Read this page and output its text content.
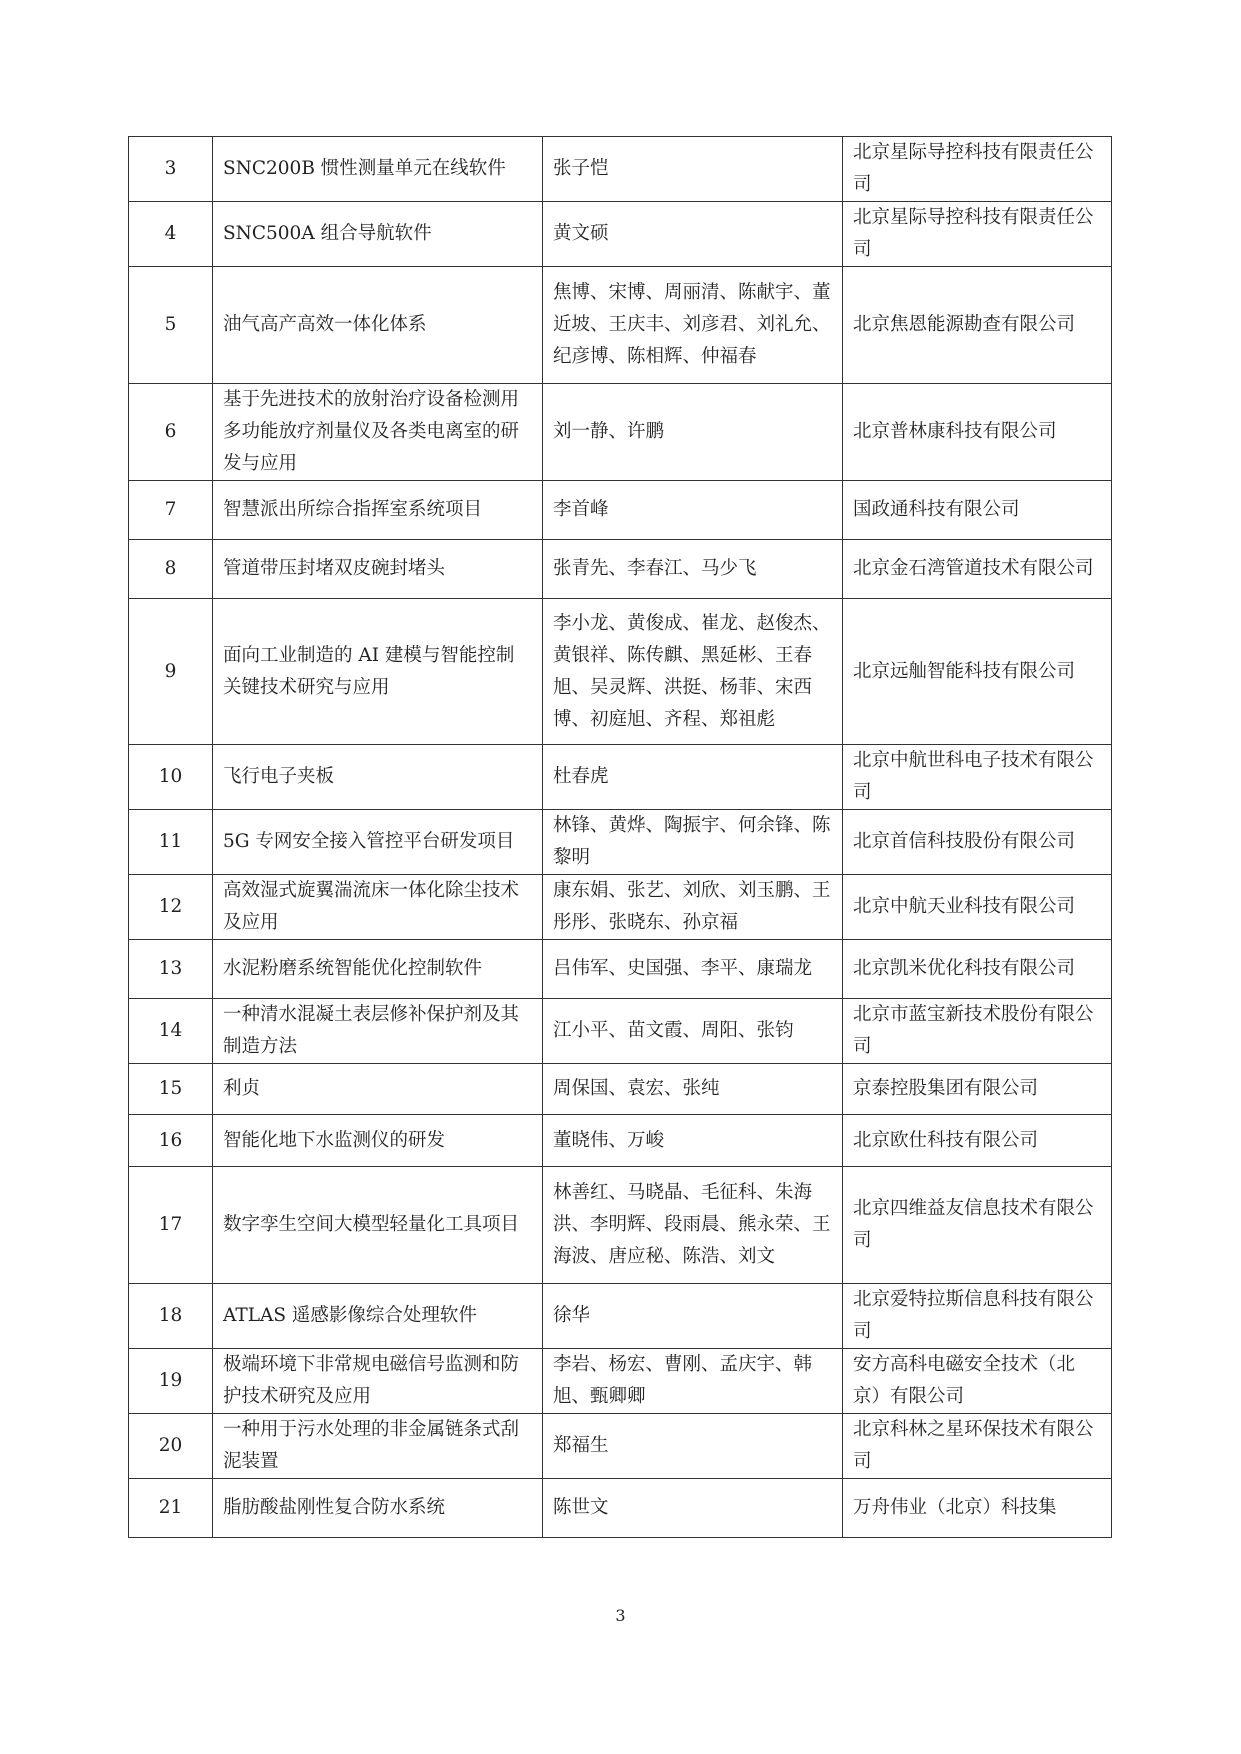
3	SNC200B 惯性测量单元在线软件	张子恺	北京星际导控科技有限责任公司
4	SNC500A 组合导航软件	黄文硕	北京星际导控科技有限责任公司
5	油气高产高效一体化体系	焦博、宋博、周丽清、陈献宇、董近坡、王庆丰、刘彦君、刘礼允、纪彦博、陈相辉、仲福春	北京焦恩能源勘查有限公司
6	基于先进技术的放射治疗设备检测用多功能放疗剂量仪及各类电离室的研发与应用	刘一静、许鹏	北京普林康科技有限公司
7	智慧派出所综合指挥室系统项目	李首峰	国政通科技有限公司
8	管道带压封堵双皮碗封堵头	张青先、李春江、马少飞	北京金石湾管道技术有限公司
9	面向工业制造的 AI 建模与智能控制关键技术研究与应用	李小龙、黄俊成、崔龙、赵俊杰、黄银祥、陈传麒、黑延彬、王春旭、吴灵辉、洪挺、杨菲、宋西博、初庭旭、齐程、郑祖彪	北京远舢智能科技有限公司
10	飞行电子夹板	杜春虎	北京中航世科电子技术有限公司
11	5G 专网安全接入管控平台研发项目	林锋、黄烨、陶振宇、何余锋、陈黎明	北京首信科技股份有限公司
12	高效湿式旋翼湍流床一体化除尘技术及应用	康东娟、张艺、刘欣、刘玉鹏、王彤彤、张晓东、孙京福	北京中航天业科技有限公司
13	水泥粉磨系统智能优化控制软件	吕伟军、史国强、李平、康瑞龙	北京凯米优化科技有限公司
14	一种清水混凝土表层修补保护剂及其制造方法	江小平、苗文霞、周阳、张钧	北京市蓝宝新技术股份有限公司
15	利贞	周保国、袁宏、张纯	京泰控股集团有限公司
16	智能化地下水监测仪的研发	董晓伟、万峻	北京欧仕科技有限公司
17	数字孪生空间大模型轻量化工具项目	林善红、马晓晶、毛征科、朱海洪、李明辉、段雨晨、熊永荣、王海波、唐应秘、陈浩、刘文	北京四维益友信息技术有限公司
18	ATLAS 遥感影像综合处理软件	徐华	北京爱特拉斯信息科技有限公司
19	极端环境下非常规电磁信号监测和防护技术研究及应用	李岩、杨宏、曹刚、孟庆宇、韩旭、甄卿卿	安方高科电磁安全技术（北京）有限公司
20	一种用于污水处理的非金属链条式刮泥装置	郑福生	北京科林之星环保技术有限公司
21	脂肪酸盐刚性复合防水系统	陈世文	万舟伟业（北京）科技集
3
